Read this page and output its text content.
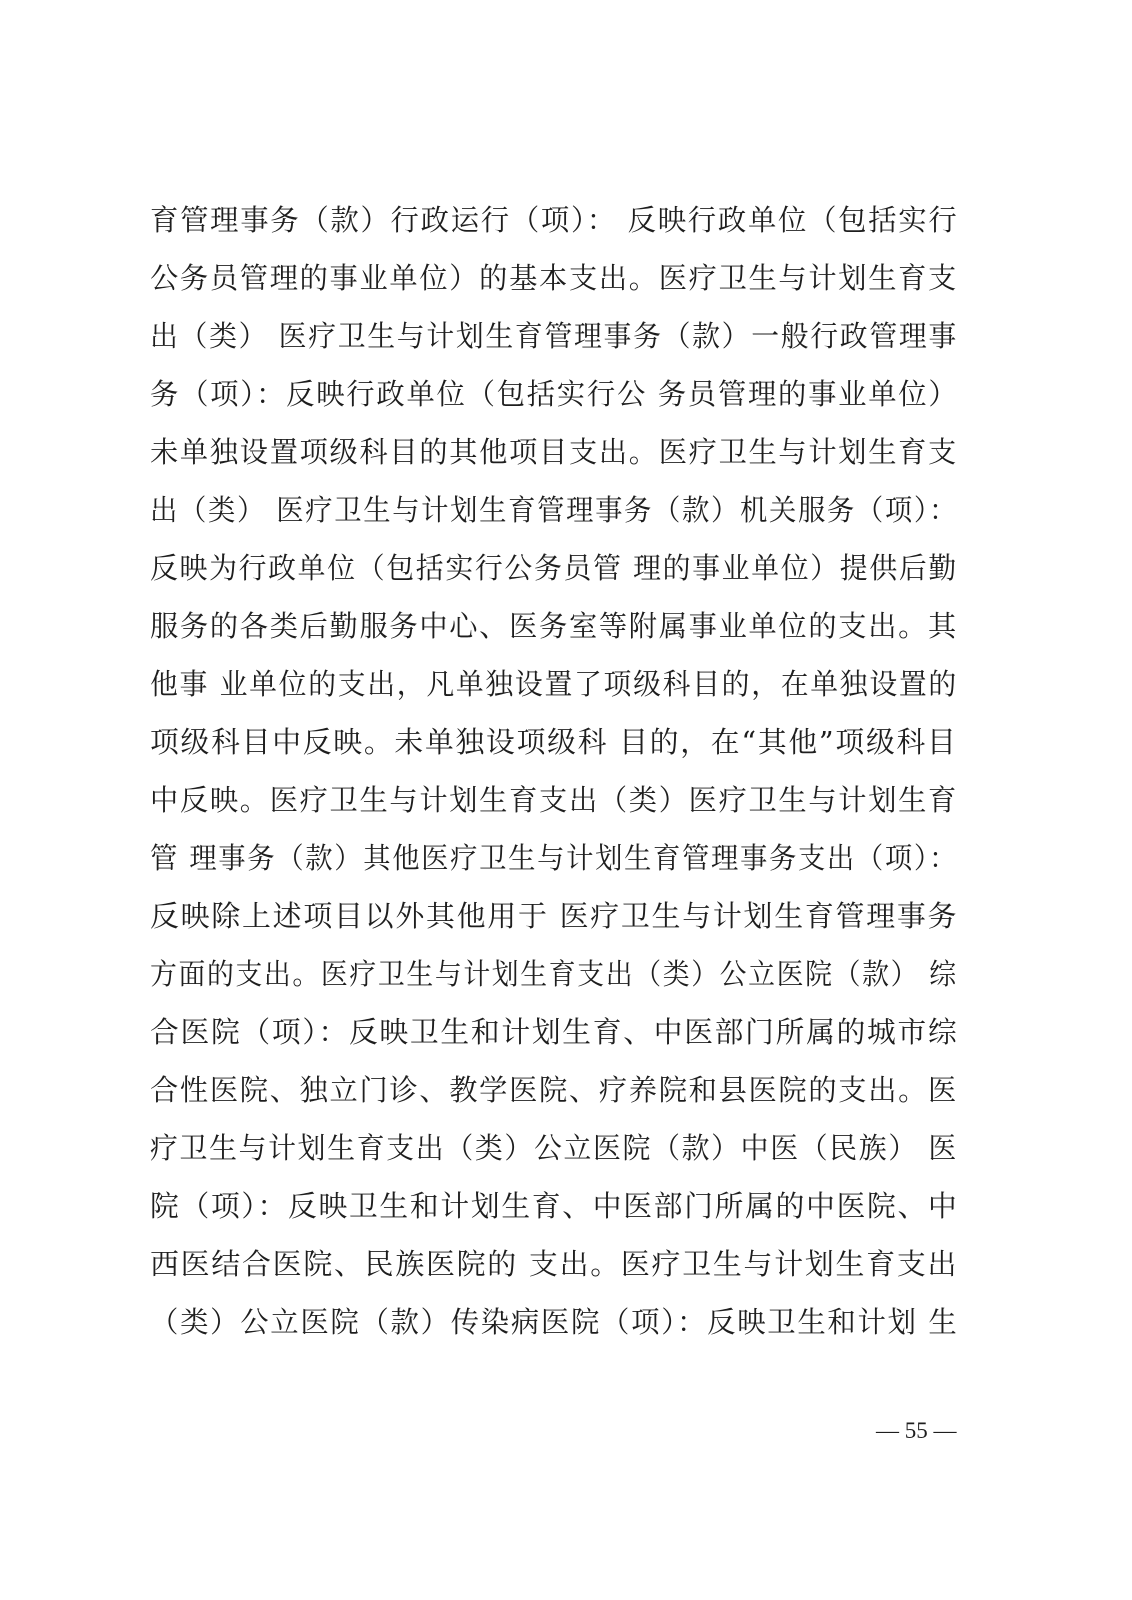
育管理事务（款）行政运行（项）： 反映行政单位（包括实行
公务员管理的事业单位）的基本支出。医疗卫生与计划生育支
出（类） 医疗卫生与计划生育管理事务（款）一般行政管理事
务（项）：反映行政单位（包括实行公 务员管理的事业单位）
未单独设置项级科目的其他项目支出。医疗卫生与计划生育支
出（类） 医疗卫生与计划生育管理事务（款）机关服务（项）：
反映为行政单位（包括实行公务员管 理的事业单位）提供后勤
服务的各类后勤服务中心、医务室等附属事业单位的支出。其
他事 业单位的支出，凡单独设置了项级科目的，在单独设置的
项级科目中反映。未单独设项级科 目的，在“其他”项级科目
中反映。医疗卫生与计划生育支出（类）医疗卫生与计划生育
管 理事务（款）其他医疗卫生与计划生育管理事务支出（项）：
反映除上述项目以外其他用于 医疗卫生与计划生育管理事务
方面的支出。医疗卫生与计划生育支出（类）公立医院（款） 综
合医院（项）：反映卫生和计划生育、中医部门所属的城市综
合性医院、独立门诊、教学医院、疗养院和县医院的支出。医
疗卫生与计划生育支出（类）公立医院（款）中医（民族） 医
院（项）：反映卫生和计划生育、中医部门所属的中医院、中
西医结合医院、民族医院的 支出。医疗卫生与计划生育支出
（类）公立医院（款）传染病医院（项）：反映卫生和计划 生
— 55 —
